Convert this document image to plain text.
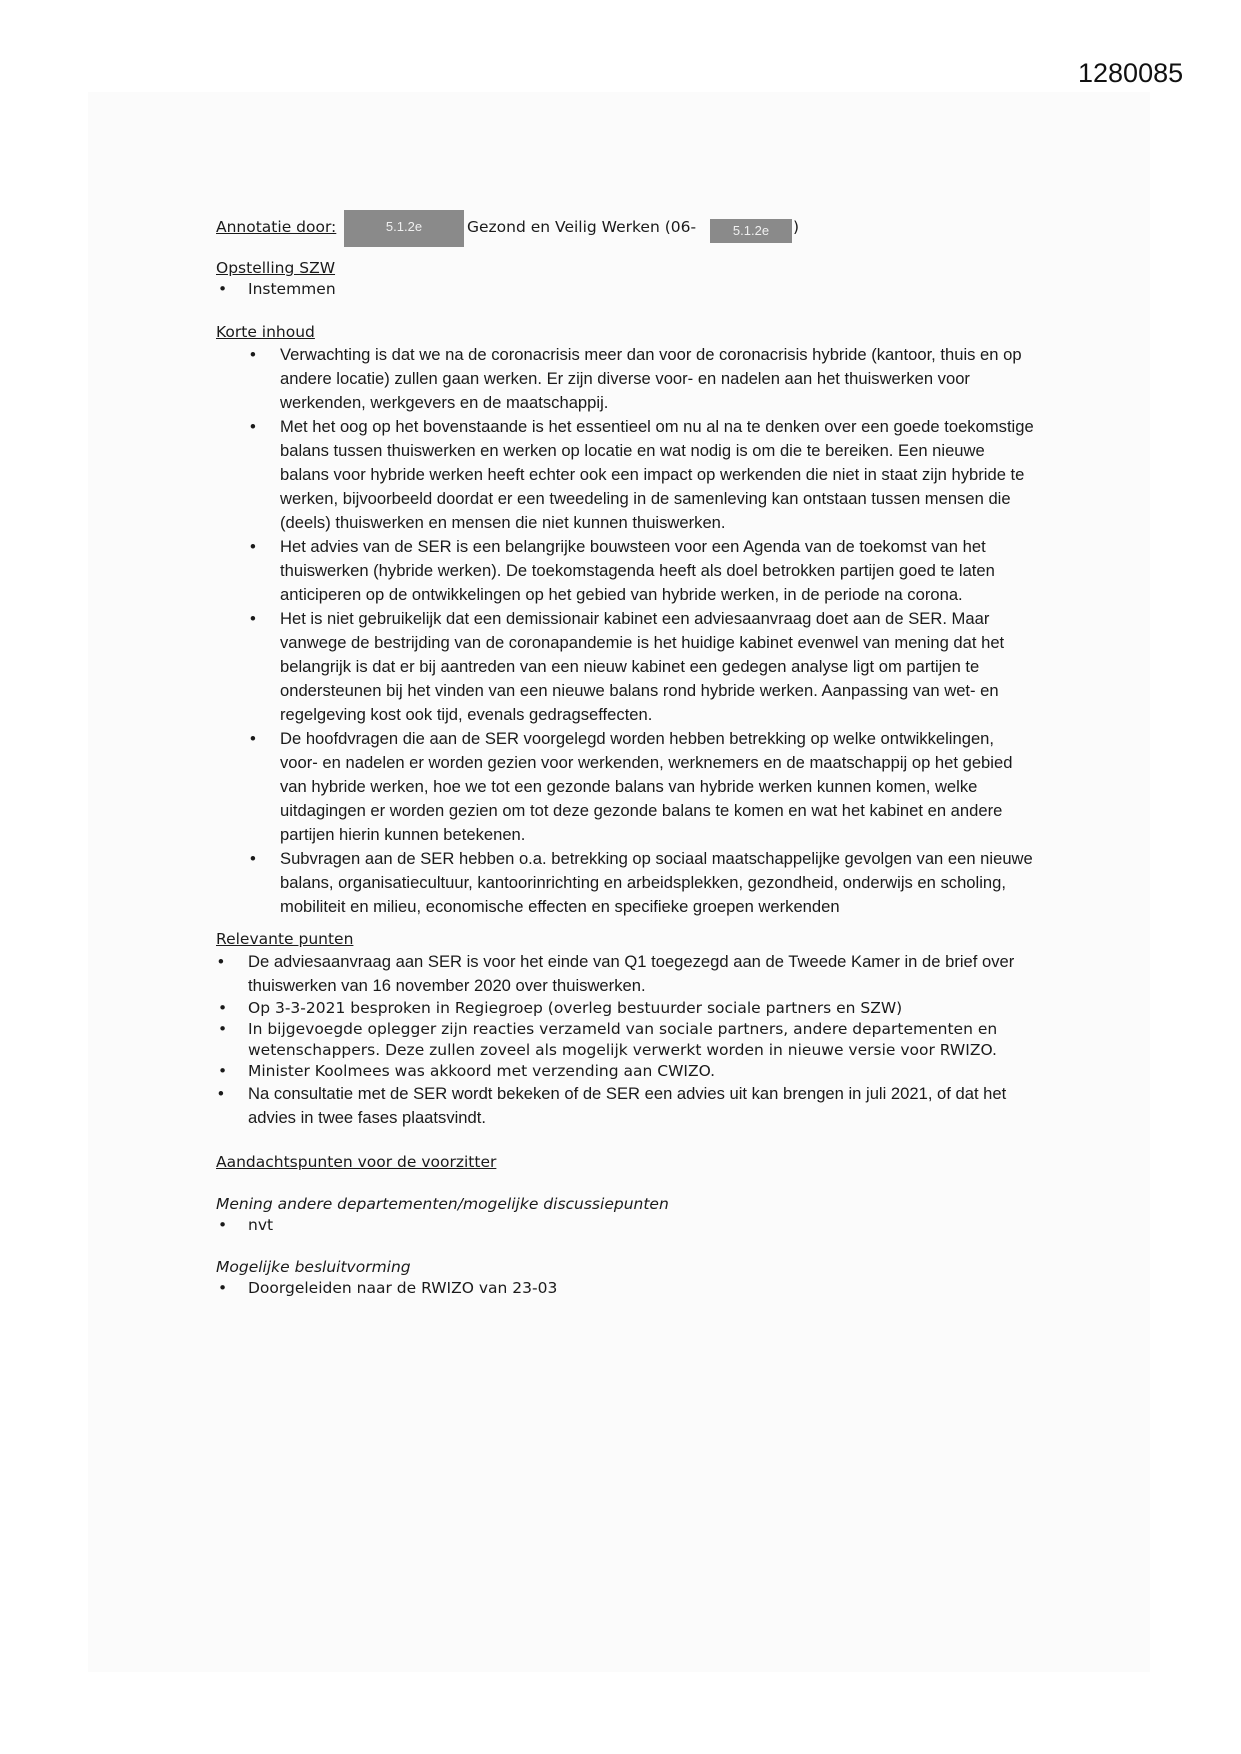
1280085
Annotatie door:	5.1.2e	Gezond en Veilig Werken (06-	5.1.2e	)
Opstelling SZW
• Instemmen
Korte inhoud
• Verwachting is dat we na de coronacrisis meer dan voor de coronacrisis hybride (kantoor, thuis en op andere locatie) zullen gaan werken. Er zijn diverse voor- en nadelen aan het thuiswerken voor werkenden, werkgevers en de maatschappij.
• Met het oog op het bovenstaande is het essentieel om nu al na te denken over een goede toekomstige balans tussen thuiswerken en werken op locatie en wat nodig is om die te bereiken. Een nieuwe balans voor hybride werken heeft echter ook een impact op werkenden die niet in staat zijn hybride te werken, bijvoorbeeld doordat er een tweedeling in de samenleving kan ontstaan tussen mensen die (deels) thuiswerken en mensen die niet kunnen thuiswerken.
• Het advies van de SER is een belangrijke bouwsteen voor een Agenda van de toekomst van het thuiswerken (hybride werken). De toekomstagenda heeft als doel betrokken partijen goed te laten anticiperen op de ontwikkelingen op het gebied van hybride werken, in de periode na corona.
• Het is niet gebruikelijk dat een demissionair kabinet een adviesaanvraag doet aan de SER. Maar vanwege de bestrijding van de coronapandemie is het huidige kabinet evenwel van mening dat het belangrijk is dat er bij aantreden van een nieuw kabinet een gedegen analyse ligt om partijen te ondersteunen bij het vinden van een nieuwe balans rond hybride werken. Aanpassing van wet- en regelgeving kost ook tijd, evenals gedragseffecten.
• De hoofdvragen die aan de SER voorgelegd worden hebben betrekking op welke ontwikkelingen, voor- en nadelen er worden gezien voor werkenden, werknemers en de maatschappij op het gebied van hybride werken, hoe we tot een gezonde balans van hybride werken kunnen komen, welke uitdagingen er worden gezien om tot deze gezonde balans te komen en wat het kabinet en andere partijen hierin kunnen betekenen.
• Subvragen aan de SER hebben o.a. betrekking op sociaal maatschappelijke gevolgen van een nieuwe balans, organisatiecultuur, kantoorinrichting en arbeidsplekken, gezondheid, onderwijs en scholing, mobiliteit en milieu, economische effecten en specifieke groepen werkenden
Relevante punten
• De adviesaanvraag aan SER is voor het einde van Q1 toegezegd aan de Tweede Kamer in de brief over thuiswerken van 16 november 2020 over thuiswerken.
• Op 3-3-2021 besproken in Regiegroep (overleg bestuurder sociale partners en SZW)
• In bijgevoegde oplegger zijn reacties verzameld van sociale partners, andere departementen en wetenschappers. Deze zullen zoveel als mogelijk verwerkt worden in nieuwe versie voor RWIZO.
• Minister Koolmees was akkoord met verzending aan CWIZO.
• Na consultatie met de SER wordt bekeken of de SER een advies uit kan brengen in juli 2021, of dat het advies in twee fases plaatsvindt.
Aandachtspunten voor de voorzitter
Mening andere departementen/mogelijke discussiepunten
• nvt
Mogelijke besluitvorming
• Doorgeleiden naar de RWIZO van 23-03
